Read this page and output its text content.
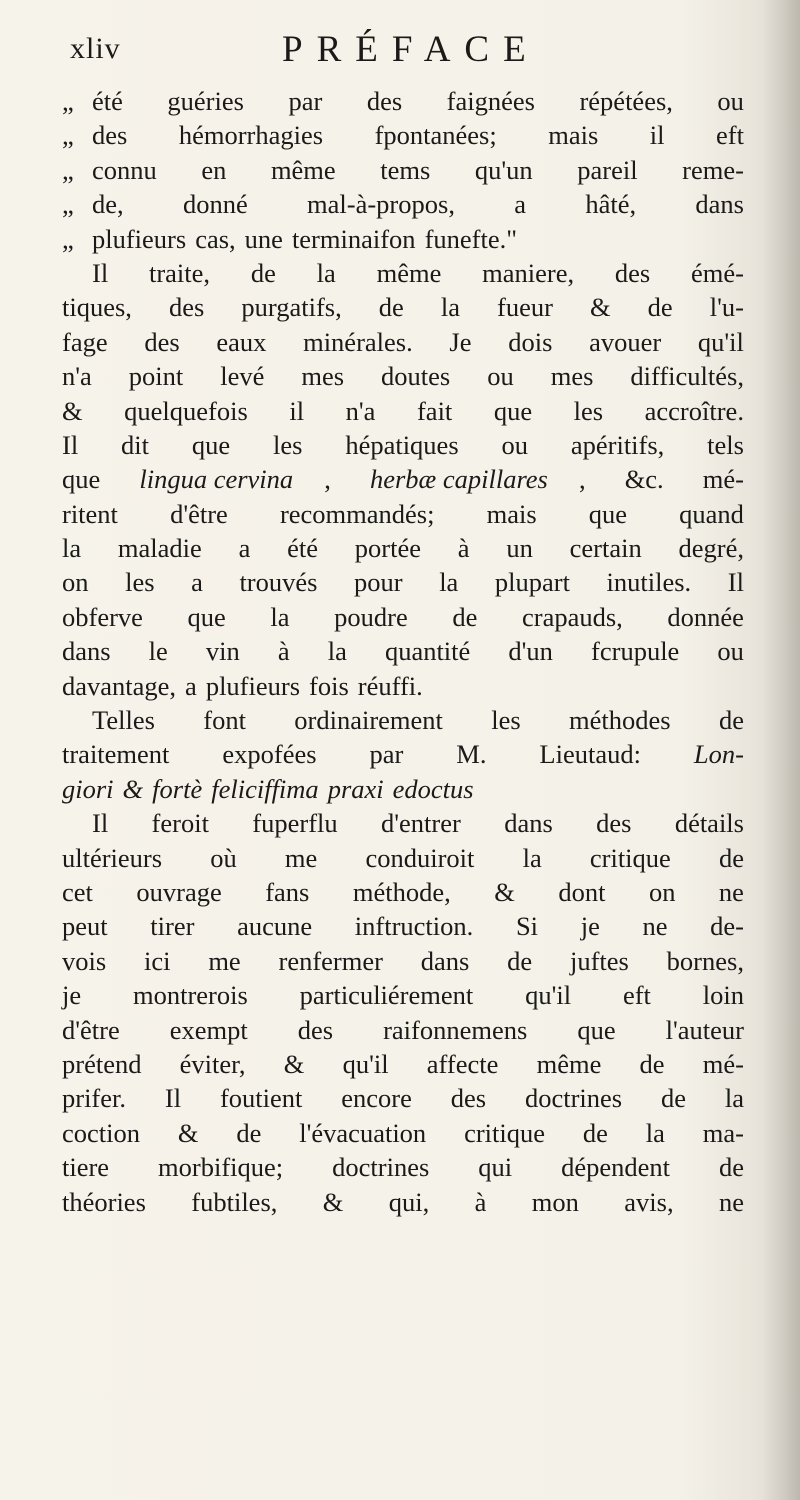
xliv	PRÉFACE
„ été guéries par des faignées répétées, ou
„ des hémorrhagies fpontanées; mais il eft
„ connu en même tems qu'un pareil reme-
„ de, donné mal-à-propos, a hâté, dans
„ plufieurs cas, une terminaifon funefte."
Il traite, de la même maniere, des émé-
tiques, des purgatifs, de la fueur & de l'u-
fage des eaux minérales. Je dois avouer qu'il
n'a point levé mes doutes ou mes difficultés,
& quelquefois il n'a fait que les accroître.
Il dit que les hépatiques ou apéritifs, tels
que lingua cervina , herbæ capillares , &c. mé-
ritent d'être recommandés; mais que quand
la maladie a été portée à un certain degré,
on les a trouvés pour la plupart inutiles. Il
obferve que la poudre de crapauds, donnée
dans le vin à la quantité d'un fcrupule ou
davantage, a plufieurs fois réuffi.
Telles font ordinairement les méthodes de
traitement expofées par M. Lieutaud: Lon-
giori & fortè feliciffima praxi edoctus
Il feroit fuperflu d'entrer dans des détails
ultérieurs où me conduiroit la critique de
cet ouvrage fans méthode, & dont on ne
peut tirer aucune inftruction. Si je ne de-
vois ici me renfermer dans de juftes bornes,
je montrerois particuliérement qu'il eft loin
d'être exempt des raifonnemens que l'auteur
prétend éviter, & qu'il affecte même de mé-
prifer. Il foutient encore des doctrines de la
coction & de l'évacuation critique de la ma-
tiere morbifique; doctrines qui dépendent de
théories fubtiles, & qui, à mon avis, ne
